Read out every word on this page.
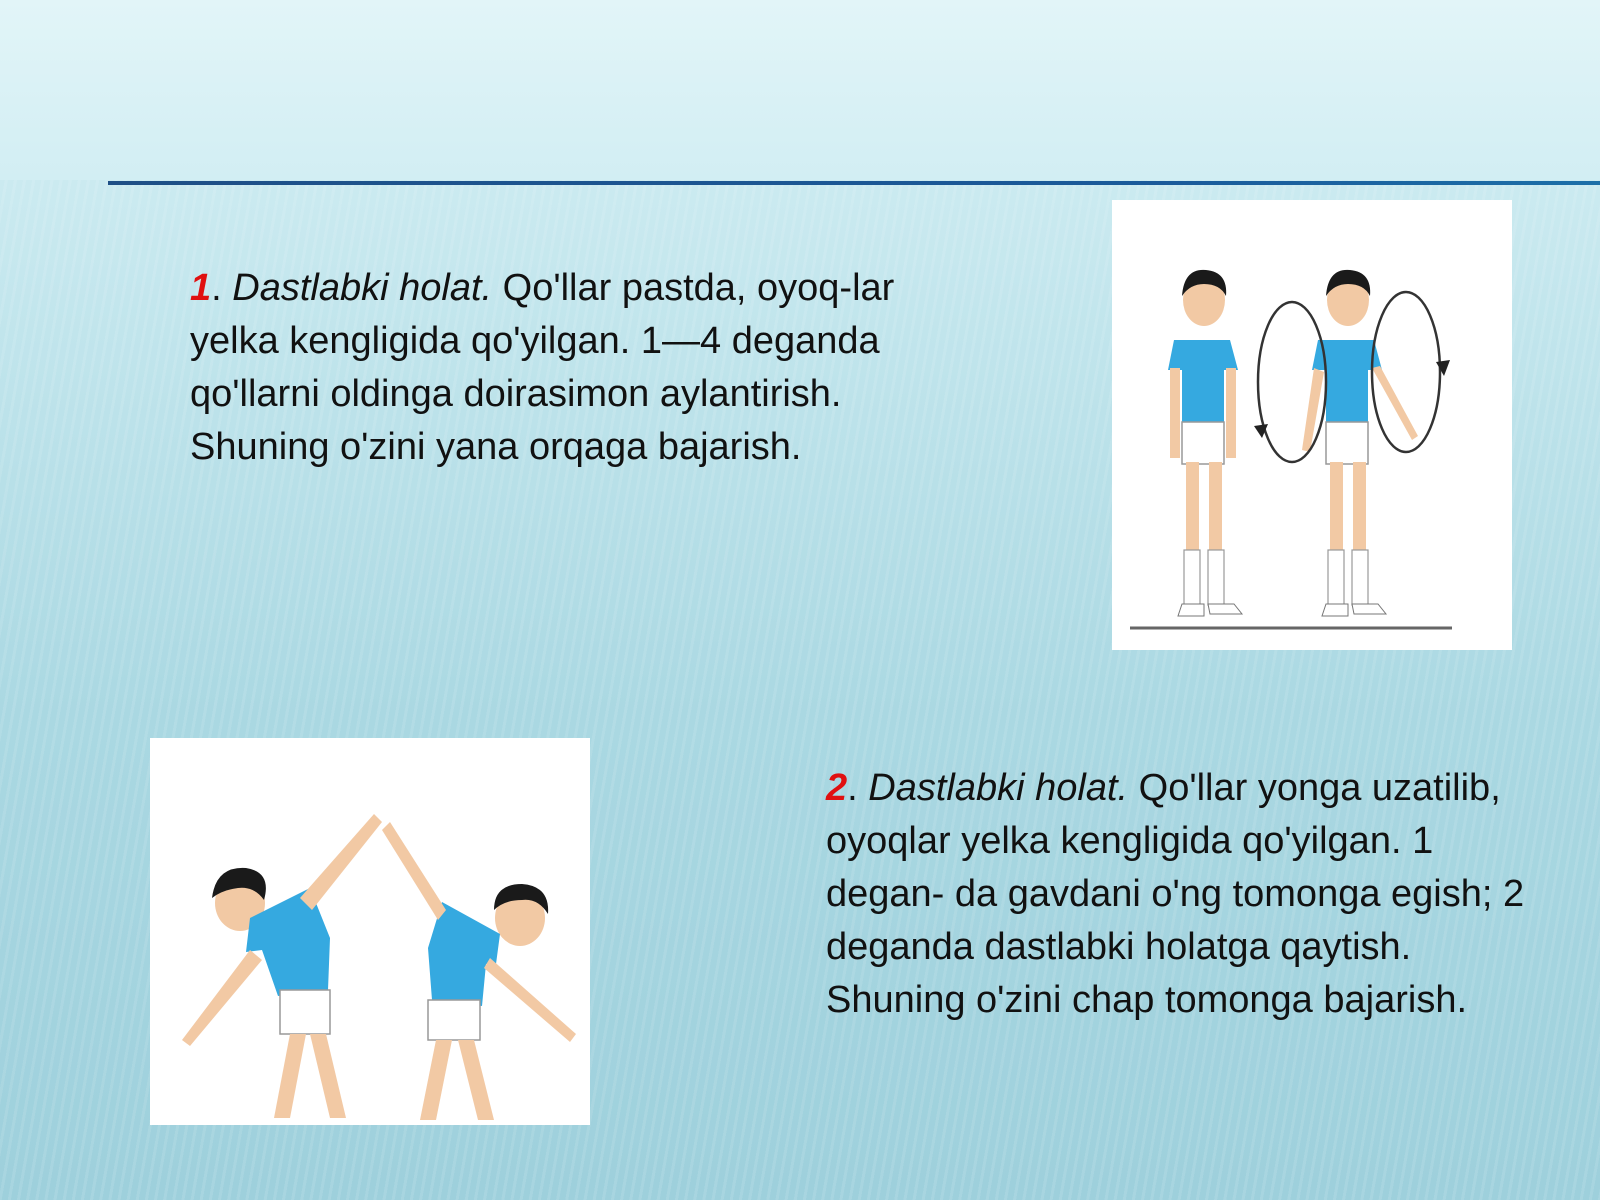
1. Dastlabki holat. Qo'llar pastda, oyoq-lar yelka kengligida qo'yilgan. 1—4 deganda qo'llarni oldinga doirasimon aylantirish. Shuning o'zini yana orqaga bajarish.
2. Dastlabki holat. Qo'llar yonga uzatilib, oyoqlar yelka kengligida qo'yilgan. 1 degan- da gavdani o'ng tomonga egish; 2 deganda dastlabki holatga qaytish. Shuning o'zini chap tomonga bajarish.
